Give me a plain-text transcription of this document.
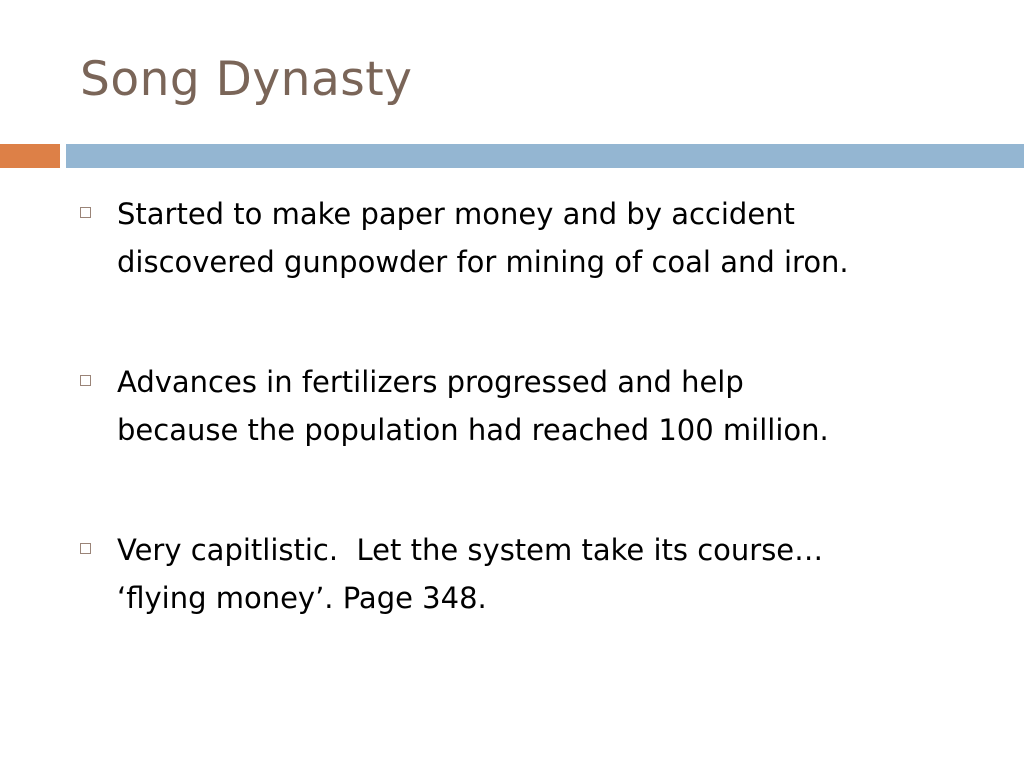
Song Dynasty
Started to make paper money and by accident
discovered gunpowder for mining of coal and iron.
Advances in fertilizers progressed and help
because the population had reached 100 million.
Very capitlistic.  Let the system take its course…
‘flying money’. Page 348.
